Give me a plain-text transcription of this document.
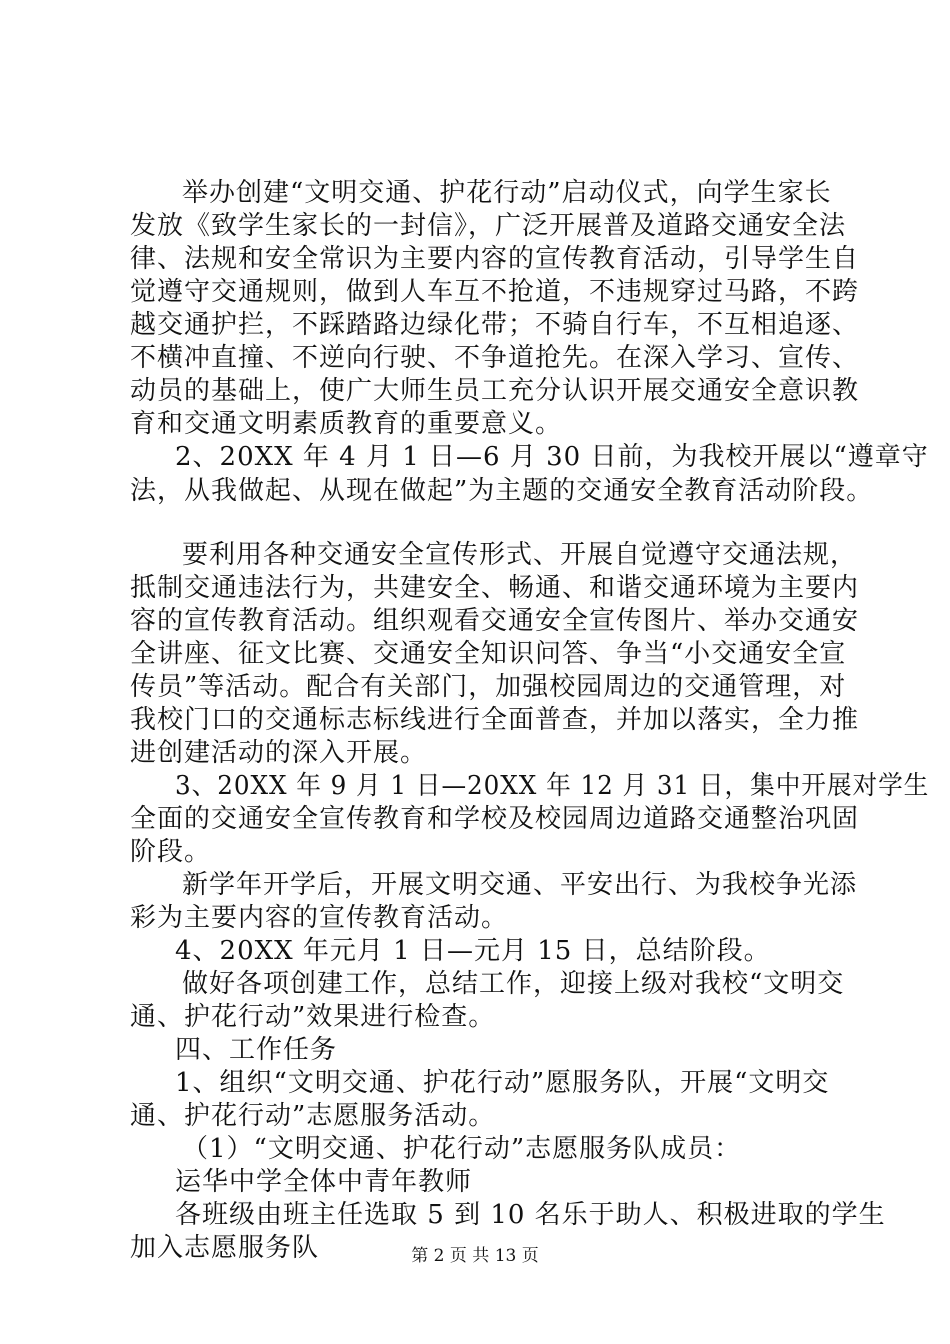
举办创建“文明交通、护花行动”启动仪式，向学生家长
发放《致学生家长的一封信》，广泛开展普及道路交通安全法
律、法规和安全常识为主要内容的宣传教育活动，引导学生自
觉遵守交通规则，做到人车互不抢道，不违规穿过马路，不跨
越交通护拦，不踩踏路边绿化带；不骑自行车，不互相追逐、
不横冲直撞、不逆向行驶、不争道抢先。在深入学习、宣传、
动员的基础上，使广大师生员工充分认识开展交通安全意识教
育和交通文明素质教育的重要意义。
2、20XX 年 4 月 1 日—6 月 30 日前，为我校开展以“遵章守
法，从我做起、从现在做起”为主题的交通安全教育活动阶段。
要利用各种交通安全宣传形式、开展自觉遵守交通法规，
抵制交通违法行为，共建安全、畅通、和谐交通环境为主要内
容的宣传教育活动。组织观看交通安全宣传图片、举办交通安
全讲座、征文比赛、交通安全知识问答、争当“小交通安全宣
传员”等活动。配合有关部门，加强校园周边的交通管理，对
我校门口的交通标志标线进行全面普查，并加以落实，全力推
进创建活动的深入开展。
3、20XX 年 9 月 1 日—20XX 年 12 月 31 日，集中开展对学生
全面的交通安全宣传教育和学校及校园周边道路交通整治巩固
阶段。
新学年开学后，开展文明交通、平安出行、为我校争光添
彩为主要内容的宣传教育活动。
4、20XX 年元月 1 日—元月 15 日，总结阶段。
做好各项创建工作，总结工作，迎接上级对我校“文明交
通、护花行动”效果进行检查。
四、工作任务
1、组织“文明交通、护花行动”愿服务队，开展“文明交
通、护花行动”志愿服务活动。
（1）“文明交通、护花行动”志愿服务队成员：
运华中学全体中青年教师
各班级由班主任选取 5 到 10 名乐于助人、积极进取的学生
加入志愿服务队	第 2 页 共 13 页
